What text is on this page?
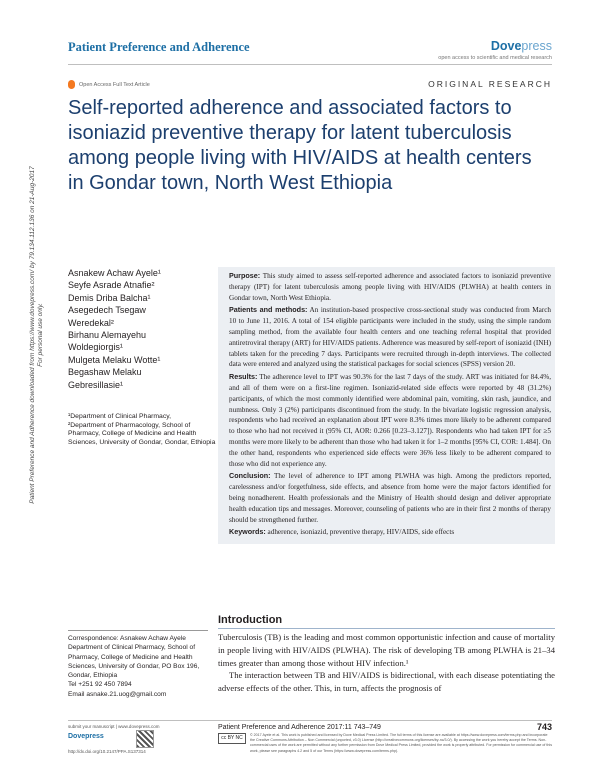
Patient Preference and Adherence	Dovepress
open access to scientific and medical research
Open Access Full Text Article	ORIGINAL RESEARCH
Self-reported adherence and associated factors to isoniazid preventive therapy for latent tuberculosis among people living with HIV/AIDS at health centers in Gondar town, North West Ethiopia
Patient Preference and Adherence downloaded from https://www.dovepress.com/ by 79.134.112.136 on 21-Aug-2017 For personal use only.
Asnakew Achaw Ayele¹
Seyfe Asrade Atnafie²
Demis Driba Balcha¹
Asegedech Tsegaw
Weredekal²
Birhanu Alemayehu
Woldegiorgis¹
Mulgeta Melaku Wotte¹
Begashaw Melaku
Gebresillasie¹
¹Department of Clinical Pharmacy,
²Department of Pharmacology, School of Pharmacy, College of Medicine and Health Sciences, University of Gondar, Gondar, Ethiopia

Purpose: This study aimed to assess self-reported adherence and associated factors to isoniazid preventive therapy (IPT) for latent tuberculosis among people living with HIV/AIDS (PLWHA) at health centers in Gondar town, North West Ethiopia.

Patients and methods: An institution-based prospective cross-sectional study was conducted from March 10 to June 11, 2016. A total of 154 eligible participants were included in the study, using the simple random sampling method, from the available four health centers and one teaching referral hospital that provided antiretroviral therapy (ART) for HIV/AIDS patients. Adherence was measured by self-report of isoniazid (INH) tablets taken for the preceding 7 days. Participants were recruited through in-depth interviews. The collected data were entered and analyzed using the statistical packages for social sciences (SPSS) version 20.

Results: The adherence level to IPT was 90.3% for the last 7 days of the study. ART was initiated for 84.4%, and all of them were on a first-line regimen. Isoniazid-related side effects were reported by 48 (31.2%) participants, of which the most commonly identified were abdominal pain, vomiting, skin rash, jaundice, and numbness. Only 3 (2%) participants discontinued from the study. In the bivariate logistic regression analysis, respondents who had received an explanation about IPT were 8.3% times more likely to be adherent compared to those who had not received it (95% CI, AOR: 0.266 [0.23–3.127]). Respondents who had taken IPT for ≥5 months were more likely to be adherent than those who had taken it for 1–2 months [95% CI, COR: 1.484]. On the other hand, respondents who experienced side effects were 36% less likely to be adherent compared to those who did not experience any.

Conclusion: The level of adherence to IPT among PLWHA was high. Among the predictors reported, carelessness and/or forgetfulness, side effects, and absence from home were the major factors identified for being nonadherent. Health professionals and the Ministry of Health should design and deliver appropriate health education tips and messages. Moreover, counseling of patients who are in their first 2 months of therapy should be strengthened further.

Keywords: adherence, isoniazid, preventive therapy, HIV/AIDS, side effects

Correspondence: Asnakew Achaw Ayele
Department of Clinical Pharmacy, School of Pharmacy, College of Medicine and Health Sciences, University of Gondar, PO Box 196, Gondar, Ethiopia
Tel +251 92 450 7894
Email asnake.21.uog@gmail.com
Introduction

Tuberculosis (TB) is the leading and most common opportunistic infection and cause of mortality in people living with HIV/AIDS (PLWHA). The risk of developing TB among PLWHA is 21–34 times greater than among those without HIV infection.¹

The interaction between TB and HIV/AIDS is bidirectional, with each disease potentiating the adverse effects of the other. This, in turn, affects the prognosis of

submit your manuscript | www.dovepress.com
Dovepress
http://dx.doi.org/10.2147/PPA.S137314
Patient Preference and Adherence 2017:11 743–749	743
cc BY NC	© 2017 Ayele et al. This work is published and licensed by Dove Medical Press Limited. The full terms of this license are available at https://www.dovepress.com/terms.php and incorporate the Creative Commons Attribution – Non Commercial (unported, v3.0) License (http://creativecommons.org/licenses/by-nc/3.0/). By accessing the work you hereby accept the Terms. Non-commercial uses of the work are permitted without any further permission from Dove Medical Press Limited, provided the work is properly attributed. For permission for commercial use of this work, please see paragraphs 4.2 and 5 of our Terms (https://www.dovepress.com/terms.php).
